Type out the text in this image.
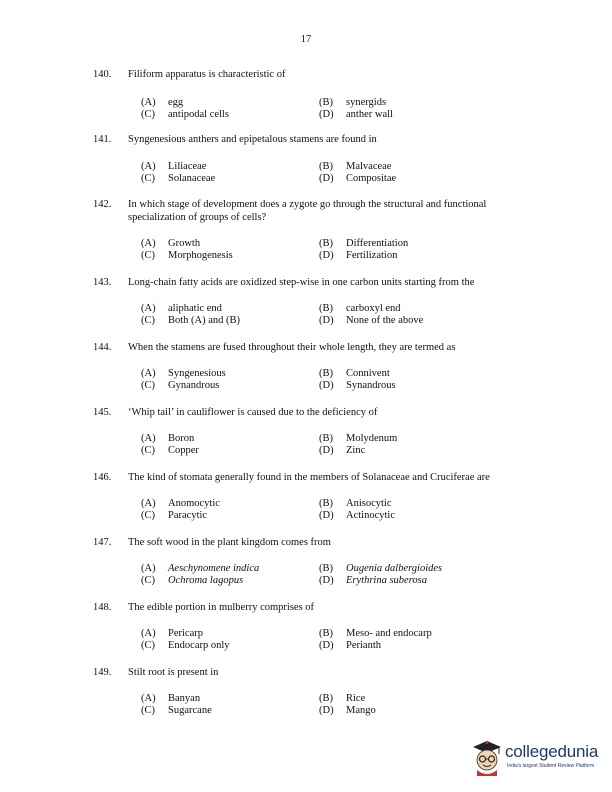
17
140.	Filiform apparatus is characteristic of
(A) egg	(B) synergids
(C) antipodal cells	(D) anther wall
141.	Syngenesious anthers and epipetalous stamens are found in
(A) Liliaceae	(B) Malvaceae
(C) Solanaceae	(D) Compositae
142.	In which stage of development does a zygote go through the structural and functional specialization of groups of cells?
(A) Growth	(B) Differentiation
(C) Morphogenesis	(D) Fertilization
143.	Long-chain fatty acids are oxidized step-wise in one carbon units starting from the
(A) aliphatic end	(B) carboxyl end
(C) Both (A) and (B)	(D) None of the above
144.	When the stamens are fused throughout their whole length, they are termed as
(A) Syngenesious	(B) Connivent
(C) Gynandrous	(D) Synandrous
145.	‘Whip tail’ in cauliflower is caused due to the deficiency of
(A) Boron	(B) Molydenum
(C) Copper	(D) Zinc
146.	The kind of stomata generally found in the members of Solanaceae and Cruciferae are
(A) Anomocytic	(B) Anisocytic
(C) Paracytic	(D) Actinocytic
147.	The soft wood in the plant kingdom comes from
(A) Aeschynomene indica	(B) Ougenia dalbergioides
(C) Ochroma lagopus	(D) Erythrina suberosa
148.	The edible portion in mulberry comprises of
(A) Pericarp	(B) Meso- and endocarp
(C) Endocarp only	(D) Perianth
149.	Stilt root is present in
(A) Banyan	(B) Rice
(C) Sugarcane	(D) Mango
collegedunia
India's largest Student Review Platform
